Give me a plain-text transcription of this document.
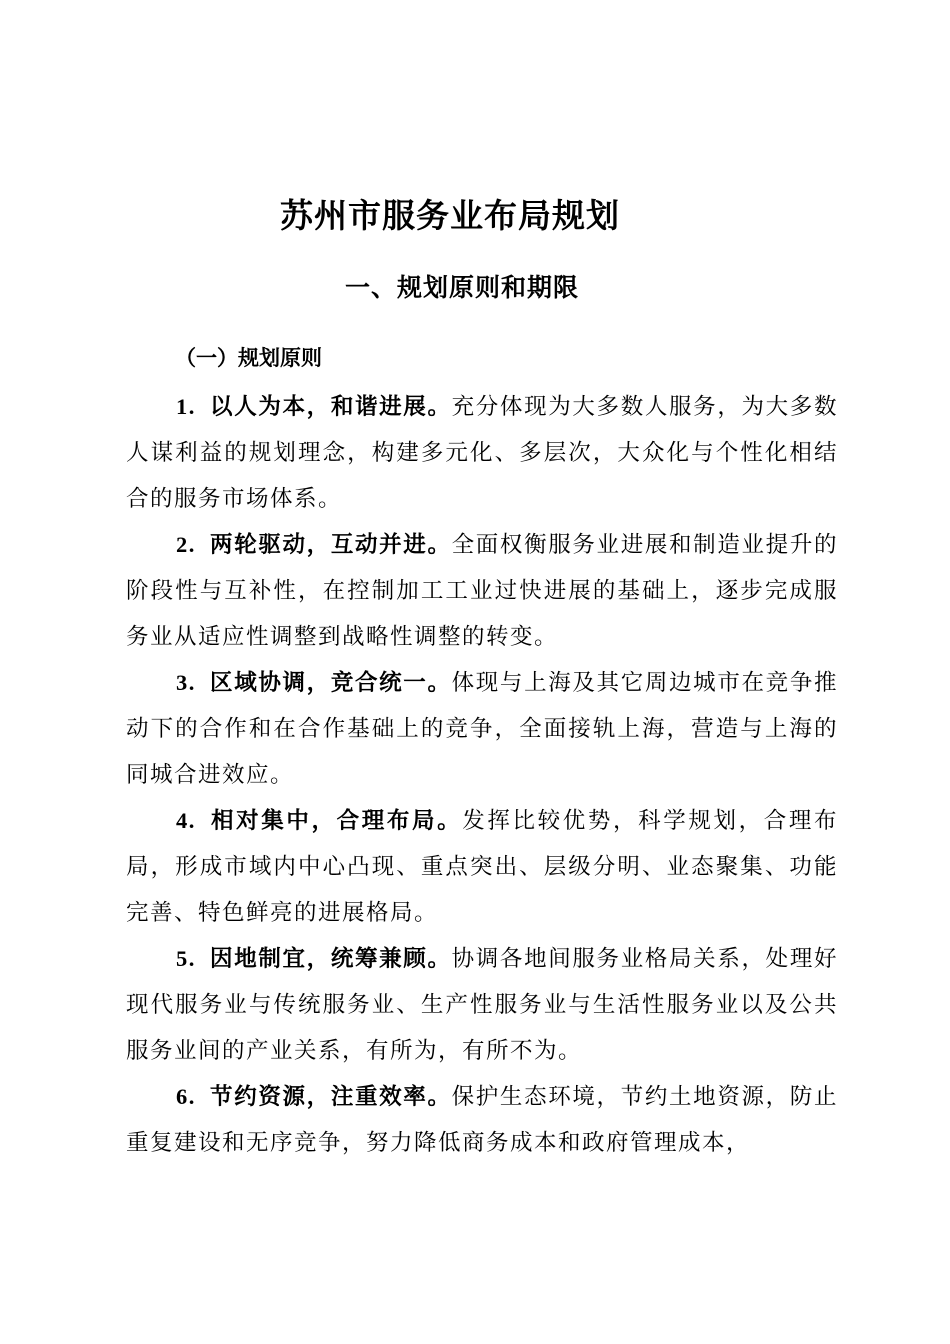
苏州市服务业布局规划
一、规划原则和期限
（一）规划原则

1. 以人为本，和谐进展。充分体现为大多数人服务，为大多数人谋利益的规划理念，构建多元化、多层次，大众化与个性化相结合的服务市场体系。

2. 两轮驱动，互动并进。全面权衡服务业进展和制造业提升的阶段性与互补性，在控制加工工业过快进展的基础上，逐步完成服务业从适应性调整到战略性调整的转变。

3. 区域协调，竞合统一。体现与上海及其它周边城市在竞争推动下的合作和在合作基础上的竞争，全面接轨上海，营造与上海的同城合进效应。

4. 相对集中，合理布局。发挥比较优势，科学规划，合理布局，形成市域内中心凸现、重点突出、层级分明、业态聚集、功能完善、特色鲜亮的进展格局。

5. 因地制宜，统筹兼顾。协调各地间服务业格局关系，处理好现代服务业与传统服务业、生产性服务业与生活性服务业以及公共服务业间的产业关系，有所为，有所不为。

6. 节约资源，注重效率。保护生态环境，节约土地资源，防止重复建设和无序竞争，努力降低商务成本和政府管理成本，
